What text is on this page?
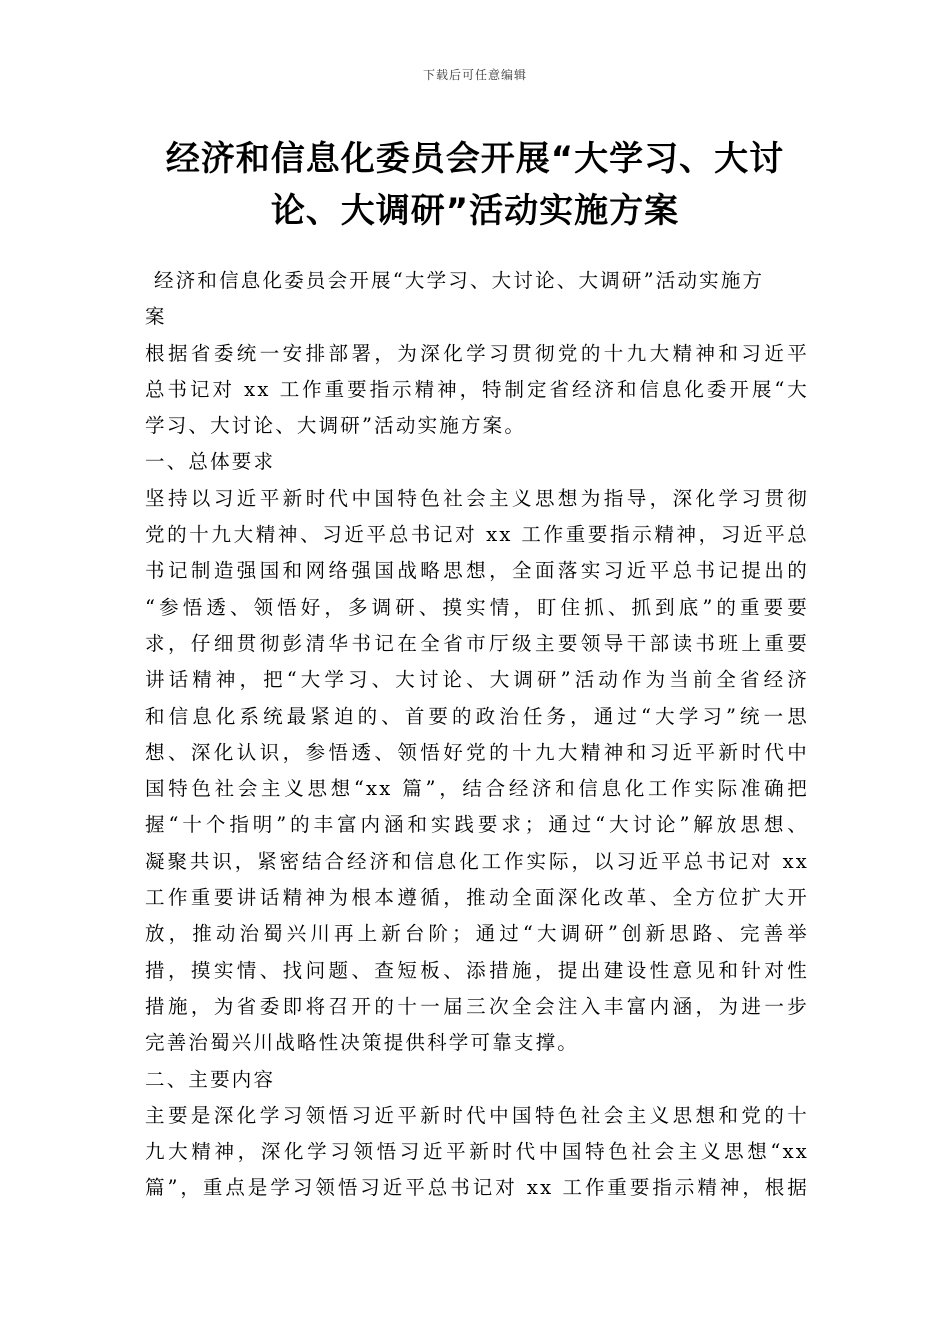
下载后可任意编辑
经济和信息化委员会开展“大学习、大讨
论、大调研”活动实施方案
经济和信息化委员会开展“大学习、大讨论、大调研”活动实施方
案
根据省委统一安排部署，为深化学习贯彻党的十九大精神和习近平
总书记对 xx 工作重要指示精神，特制定省经济和信息化委开展“大
学习、大讨论、大调研”活动实施方案。
一、总体要求
坚持以习近平新时代中国特色社会主义思想为指导，深化学习贯彻
党的十九大精神、习近平总书记对 xx 工作重要指示精神，习近平总
书记制造强国和网络强国战略思想，全面落实习近平总书记提出的
“参悟透、领悟好，多调研、摸实情，盯住抓、抓到底”的重要要
求，仔细贯彻彭清华书记在全省市厅级主要领导干部读书班上重要
讲话精神，把“大学习、大讨论、大调研”活动作为当前全省经济
和信息化系统最紧迫的、首要的政治任务，通过“大学习”统一思
想、深化认识，参悟透、领悟好党的十九大精神和习近平新时代中
国特色社会主义思想“xx 篇”，结合经济和信息化工作实际准确把
握“十个指明”的丰富内涵和实践要求；通过“大讨论”解放思想、
凝聚共识，紧密结合经济和信息化工作实际，以习近平总书记对 xx
工作重要讲话精神为根本遵循，推动全面深化改革、全方位扩大开
放，推动治蜀兴川再上新台阶；通过“大调研”创新思路、完善举
措，摸实情、找问题、查短板、添措施，提出建设性意见和针对性
措施，为省委即将召开的十一届三次全会注入丰富内涵，为进一步
完善治蜀兴川战略性决策提供科学可靠支撑。
二、主要内容
主要是深化学习领悟习近平新时代中国特色社会主义思想和党的十
九大精神，深化学习领悟习近平新时代中国特色社会主义思想“xx
篇”，重点是学习领悟习近平总书记对 xx 工作重要指示精神，根据
